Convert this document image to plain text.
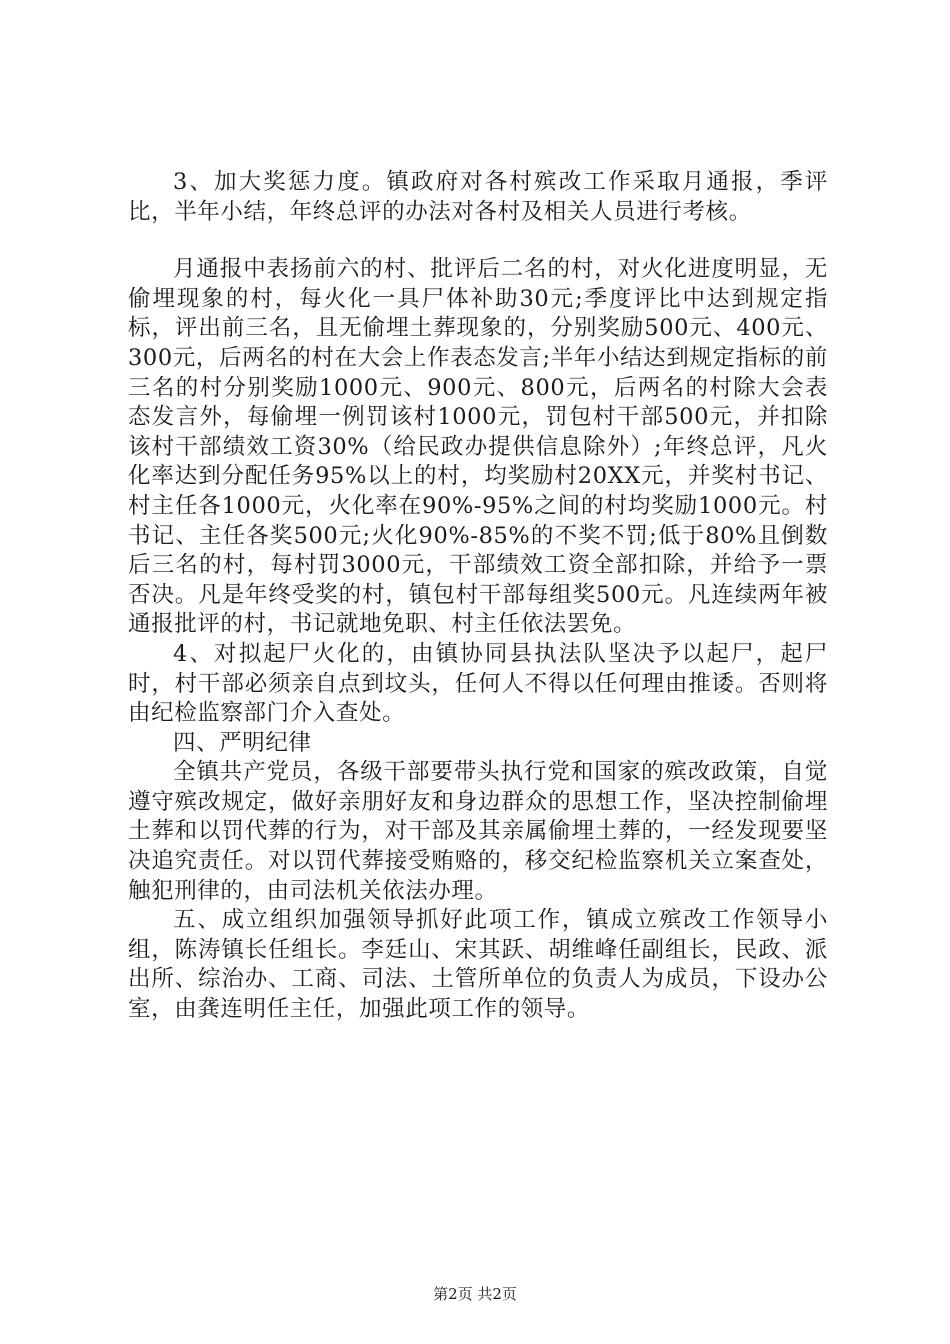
3、加大奖惩力度。镇政府对各村殡改工作采取月通报，季评比，半年小结，年终总评的办法对各村及相关人员进行考核。

月通报中表扬前六的村、批评后二名的村，对火化进度明显，无偷埋现象的村，每火化一具尸体补助30元;季度评比中达到规定指标，评出前三名，且无偷埋土葬现象的，分别奖励500元、400元、300元，后两名的村在大会上作表态发言;半年小结达到规定指标的前三名的村分别奖励1000元、900元、800元，后两名的村除大会表态发言外，每偷埋一例罚该村1000元，罚包村干部500元，并扣除该村干部绩效工资30%（给民政办提供信息除外）;年终总评，凡火化率达到分配任务95%以上的村，均奖励村20XX元，并奖村书记、村主任各1000元，火化率在90%-95%之间的村均奖励1000元。村书记、主任各奖500元;火化90%-85%的不奖不罚;低于80%且倒数后三名的村，每村罚3000元，干部绩效工资全部扣除，并给予一票否决。凡是年终受奖的村，镇包村干部每组奖500元。凡连续两年被通报批评的村，书记就地免职、村主任依法罢免。

4、对拟起尸火化的，由镇协同县执法队坚决予以起尸，起尸时，村干部必须亲自点到坟头，任何人不得以任何理由推诿。否则将由纪检监察部门介入查处。

四、严明纪律

全镇共产党员，各级干部要带头执行党和国家的殡改政策，自觉遵守殡改规定，做好亲朋好友和身边群众的思想工作，坚决控制偷埋土葬和以罚代葬的行为，对干部及其亲属偷埋土葬的，一经发现要坚决追究责任。对以罚代葬接受贿赂的，移交纪检监察机关立案查处，触犯刑律的，由司法机关依法办理。

五、成立组织加强领导抓好此项工作，镇成立殡改工作领导小组，陈涛镇长任组长。李廷山、宋其跃、胡维峰任副组长，民政、派出所、综治办、工商、司法、土管所单位的负责人为成员，下设办公室，由龚连明任主任，加强此项工作的领导。

第2页 共2页
